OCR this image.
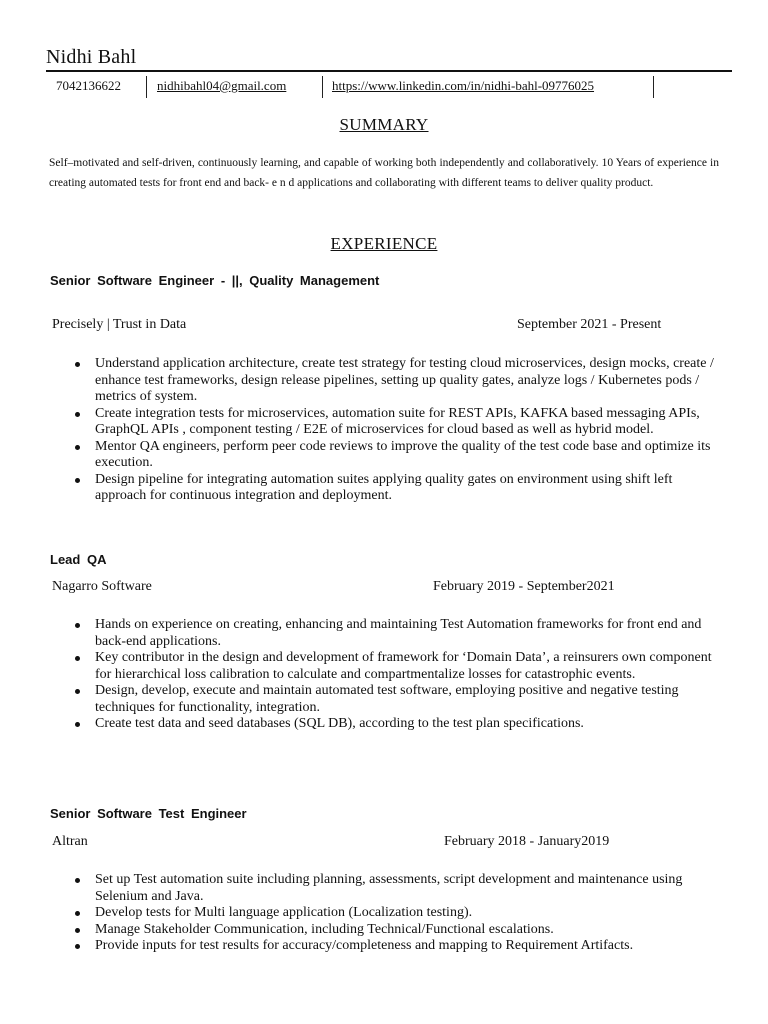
Nidhi Bahl
7042136622	nidhibahl04@gmail.com	https://www.linkedin.com/in/nidhi-bahl-09776025
SUMMARY
Self–motivated and self-driven, continuously learning, and capable of working both independently and collaboratively. 10 Years of experience in creating automated tests for front end and back- e n d applications and collaborating with different teams to deliver quality product.
EXPERIENCE
Senior Software Engineer - ||, Quality Management
Precisely | Trust in Data	September 2021 - Present
Understand application architecture, create test strategy for testing cloud microservices, design mocks, create / enhance test frameworks, design release pipelines, setting up quality gates, analyze logs / Kubernetes pods / metrics of system.
Create integration tests for microservices, automation suite for REST APIs, KAFKA based messaging APIs, GraphQL APIs , component testing / E2E of microservices for cloud based as well as hybrid model.
Mentor QA engineers, perform peer code reviews to improve the quality of the test code base and optimize its execution.
Design pipeline for integrating automation suites applying quality gates on environment using shift left approach for continuous integration and deployment.
Lead QA
Nagarro Software	February 2019 - September2021
Hands on experience on creating, enhancing and maintaining Test Automation frameworks for front end and back-end applications.
Key contributor in the design and development of framework for ‘Domain Data’, a reinsurers own component for hierarchical loss calibration to calculate and compartmentalize losses for catastrophic events.
Design, develop, execute and maintain automated test software, employing positive and negative testing techniques for functionality, integration.
Create test data and seed databases (SQL DB), according to the test plan specifications.
Senior Software Test Engineer
Altran	February 2018 - January2019
Set up Test automation suite including planning, assessments, script development and maintenance using Selenium and Java.
Develop tests for Multi language application (Localization testing).
Manage Stakeholder Communication, including Technical/Functional escalations.
Provide inputs for test results for accuracy/completeness and mapping to Requirement Artifacts.
